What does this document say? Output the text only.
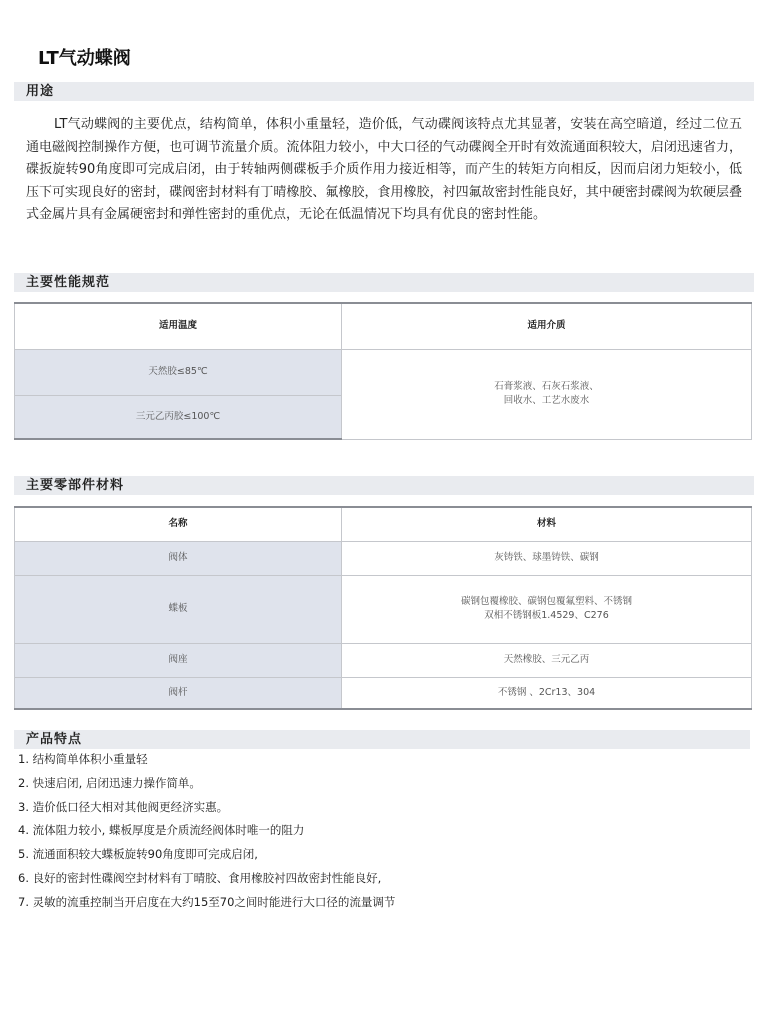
LT气动蝶阀
用途

LT气动蝶阀的主要优点，结构简单，体积小重量轻，造价低，气动碟阀该特点尤其显著，安装在高空暗道，经过二位五通电磁阀控制操作方便，也可调节流量介质。流体阻力较小，中大口径的气动碟阀全开时有效流通面积较大，启闭迅速省力，碟扳旋转90角度即可完成启闭，由于转轴两侧碟板手介质作用力接近相等，而产生的转矩方向相反，因而启闭力矩较小，低压下可实现良好的密封，碟阀密封材料有丁晴橡胶、氟橡胶，食用橡胶，衬四氟故密封性能良好，其中硬密封碟阀为软硬层叠式金属片具有金属硬密封和弹性密封的重优点，无论在低温情况下均具有优良的密封性能。

主要性能规范
适用温度	适用介质
天然胶≤85℃	石膏浆液、石灰石浆液、
回收水、工艺水废水

三元乙丙胶≤100℃	
主要零部件材料
名称	材料
阀体	灰铸铁、球墨铸铁、碳钢
蝶板	碳钢包覆橡胶、碳钢包覆氟塑料、不锈钢
双相不锈钢板1.4529、C276

阀座	天然橡胶、三元乙丙
阀杆	不锈钢 、2Cr13、304
产品特点
1. 结构简单体积小重量轻
2. 快速启闭, 启闭迅速力操作简单。
3. 造价低口径大相对其他阀更经济实惠。
4. 流体阻力较小, 蝶板厚度是介质流经阀体时唯一的阻力
5. 流通面积较大蝶板旋转90角度即可完成启闭,
6. 良好的密封性碟阀空封材料有丁晴胶、食用橡胶衬四故密封性能良好,
7. 灵敏的流重控制当开启度在大约15至70之间时能进行大口径的流量调节
